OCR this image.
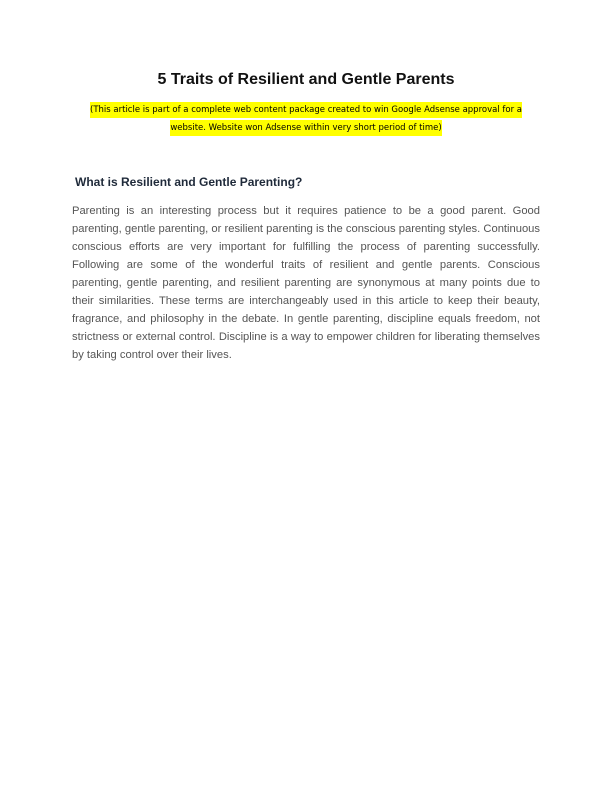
5 Traits of Resilient and Gentle Parents
(This article is part of a complete web content package created to win Google Adsense approval for a website. Website won Adsense within very short period of time)
What is Resilient and Gentle Parenting?

Parenting is an interesting process but it requires patience to be a good parent. Good parenting, gentle parenting, or resilient parenting is the conscious parenting styles. Continuous conscious efforts are very important for fulfilling the process of parenting successfully. Following are some of the wonderful traits of resilient and gentle parents. Conscious parenting, gentle parenting, and resilient parenting are synonymous at many points due to their similarities. These terms are interchangeably used in this article to keep their beauty, fragrance, and philosophy in the debate. In gentle parenting, discipline equals freedom, not strictness or external control. Discipline is a way to empower children for liberating themselves by taking control over their lives.
